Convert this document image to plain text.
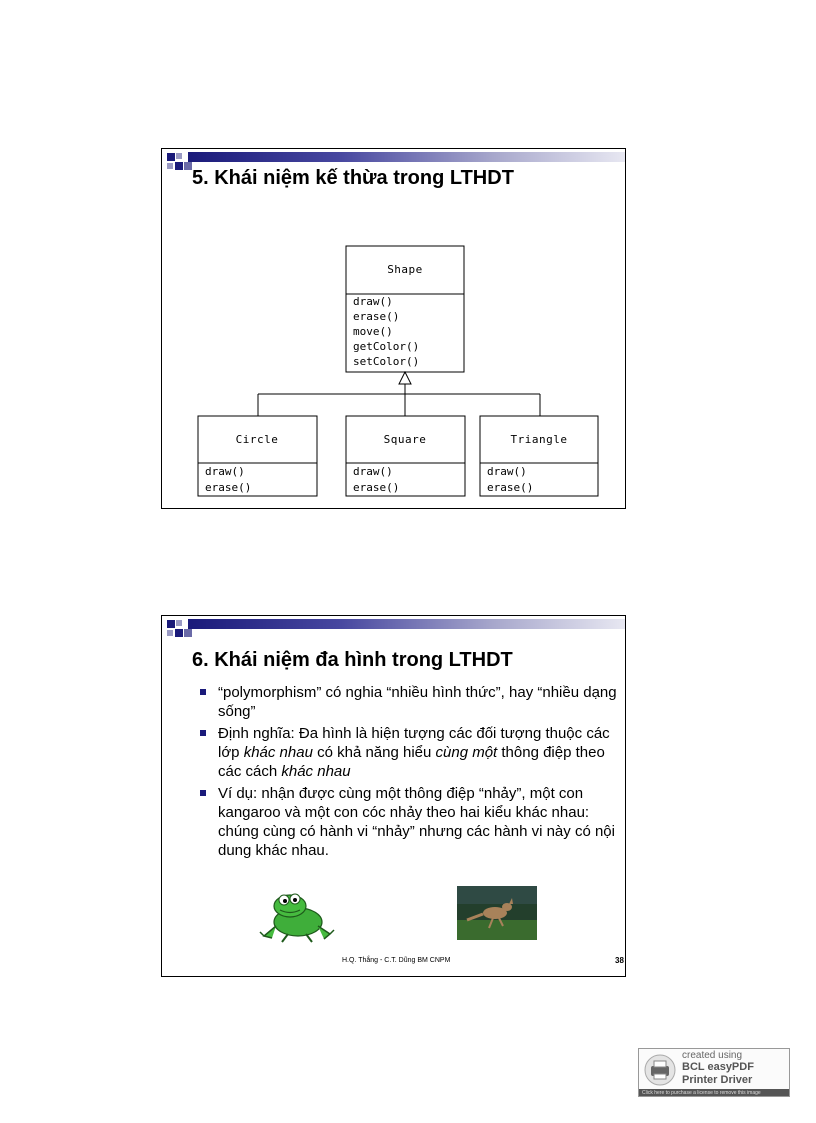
5. Khái niệm kế thừa trong LTHDT
Shape
draw()
erase()
move()
getColor()
setColor()
Circle
draw()
erase()
Square
draw()
erase()
Triangle
draw()
erase()
6. Khái niệm đa hình trong LTHDT
“polymorphism” có nghia “nhiều hình thức”, hay “nhiều dạng sống”
Định nghĩa: Đa hình là hiện tượng các đối tượng thuộc các lớp khác nhau có khả năng hiểu cùng một thông điệp theo các cách khác nhau
Ví dụ: nhận được cùng một thông điệp “nhảy”, một con kangaroo và một con cóc nhảy theo hai kiểu khác nhau: chúng cùng có hành vi “nhảy” nhưng các hành vi này có nội dung khác nhau.
H.Q. Thắng - C.T. Dũng BM CNPM	38
created using
BCL easyPDF
Printer Driver
Click here to purchase a license to remove this image
